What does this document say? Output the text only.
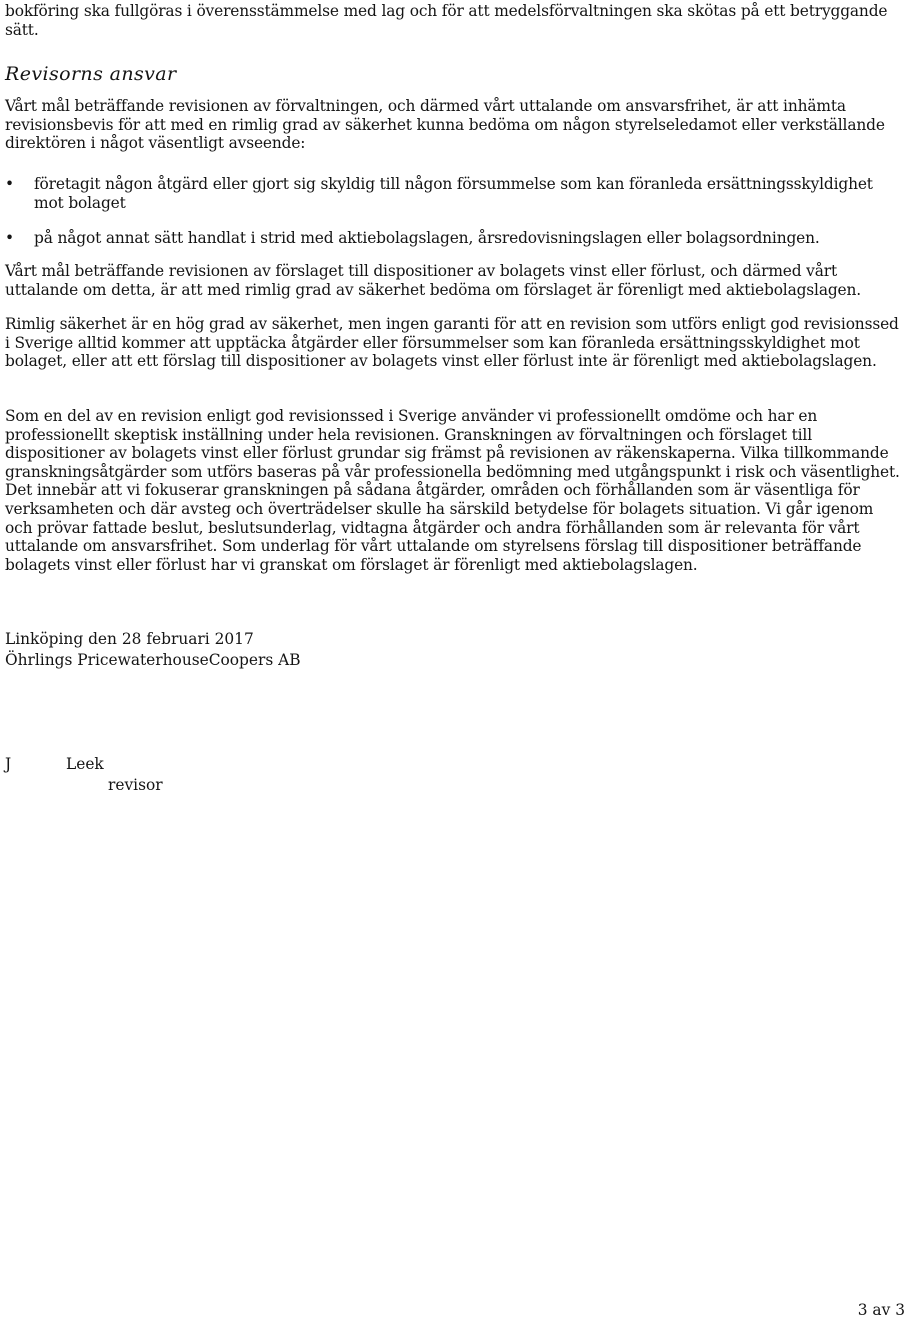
bokföring ska fullgöras i överensstämmelse med lag och för att medelsförvaltningen ska skötas på ett betryggande sätt.

Revisorns ansvar

Vårt mål beträffande revisionen av förvaltningen, och därmed vårt uttalande om ansvarsfrihet, är att inhämta revisionsbevis för att med en rimlig grad av säkerhet kunna bedöma om någon styrelseledamot eller verkställande direktören i något väsentligt avseende:

•	företagit någon åtgärd eller gjort sig skyldig till någon försummelse som kan föranleda ersättningsskyldighet mot bolaget
•	på något annat sätt handlat i strid med aktiebolagslagen, årsredovisningslagen eller bolagsordningen.

Vårt mål beträffande revisionen av förslaget till dispositioner av bolagets vinst eller förlust, och därmed vårt uttalande om detta, är att med rimlig grad av säkerhet bedöma om förslaget är förenligt med aktiebolagslagen.

Rimlig säkerhet är en hög grad av säkerhet, men ingen garanti för att en revision som utförs enligt god revisionssed i Sverige alltid kommer att upptäcka åtgärder eller försummelser som kan föranleda ersättningsskyldighet mot bolaget, eller att ett förslag till dispositioner av bolagets vinst eller förlust inte är förenligt med aktiebolagslagen.

Som en del av en revision enligt god revisionssed i Sverige använder vi professionellt omdöme och har en professionellt skeptisk inställning under hela revisionen. Granskningen av förvaltningen och förslaget till dispositioner av bolagets vinst eller förlust grundar sig främst på revisionen av räkenskaperna. Vilka tillkommande granskningsåtgärder som utförs baseras på vår professionella bedömning med utgångspunkt i risk och väsentlighet. Det innebär att vi fokuserar granskningen på sådana åtgärder, områden och förhållanden som är väsentliga för verksamheten och där avsteg och överträdelser skulle ha särskild betydelse för bolagets situation. Vi går igenom och prövar fattade beslut, beslutsunderlag, vidtagna åtgärder och andra förhållanden som är relevanta för vårt uttalande om ansvarsfrihet. Som underlag för vårt uttalande om styrelsens förslag till dispositioner beträffande bolagets vinst eller förlust har vi granskat om förslaget är förenligt med aktiebolagslagen.

Linköping den 28 februari 2017
Öhrlings PricewaterhouseCoopers AB
J	Leek
revisor
3 av 3
